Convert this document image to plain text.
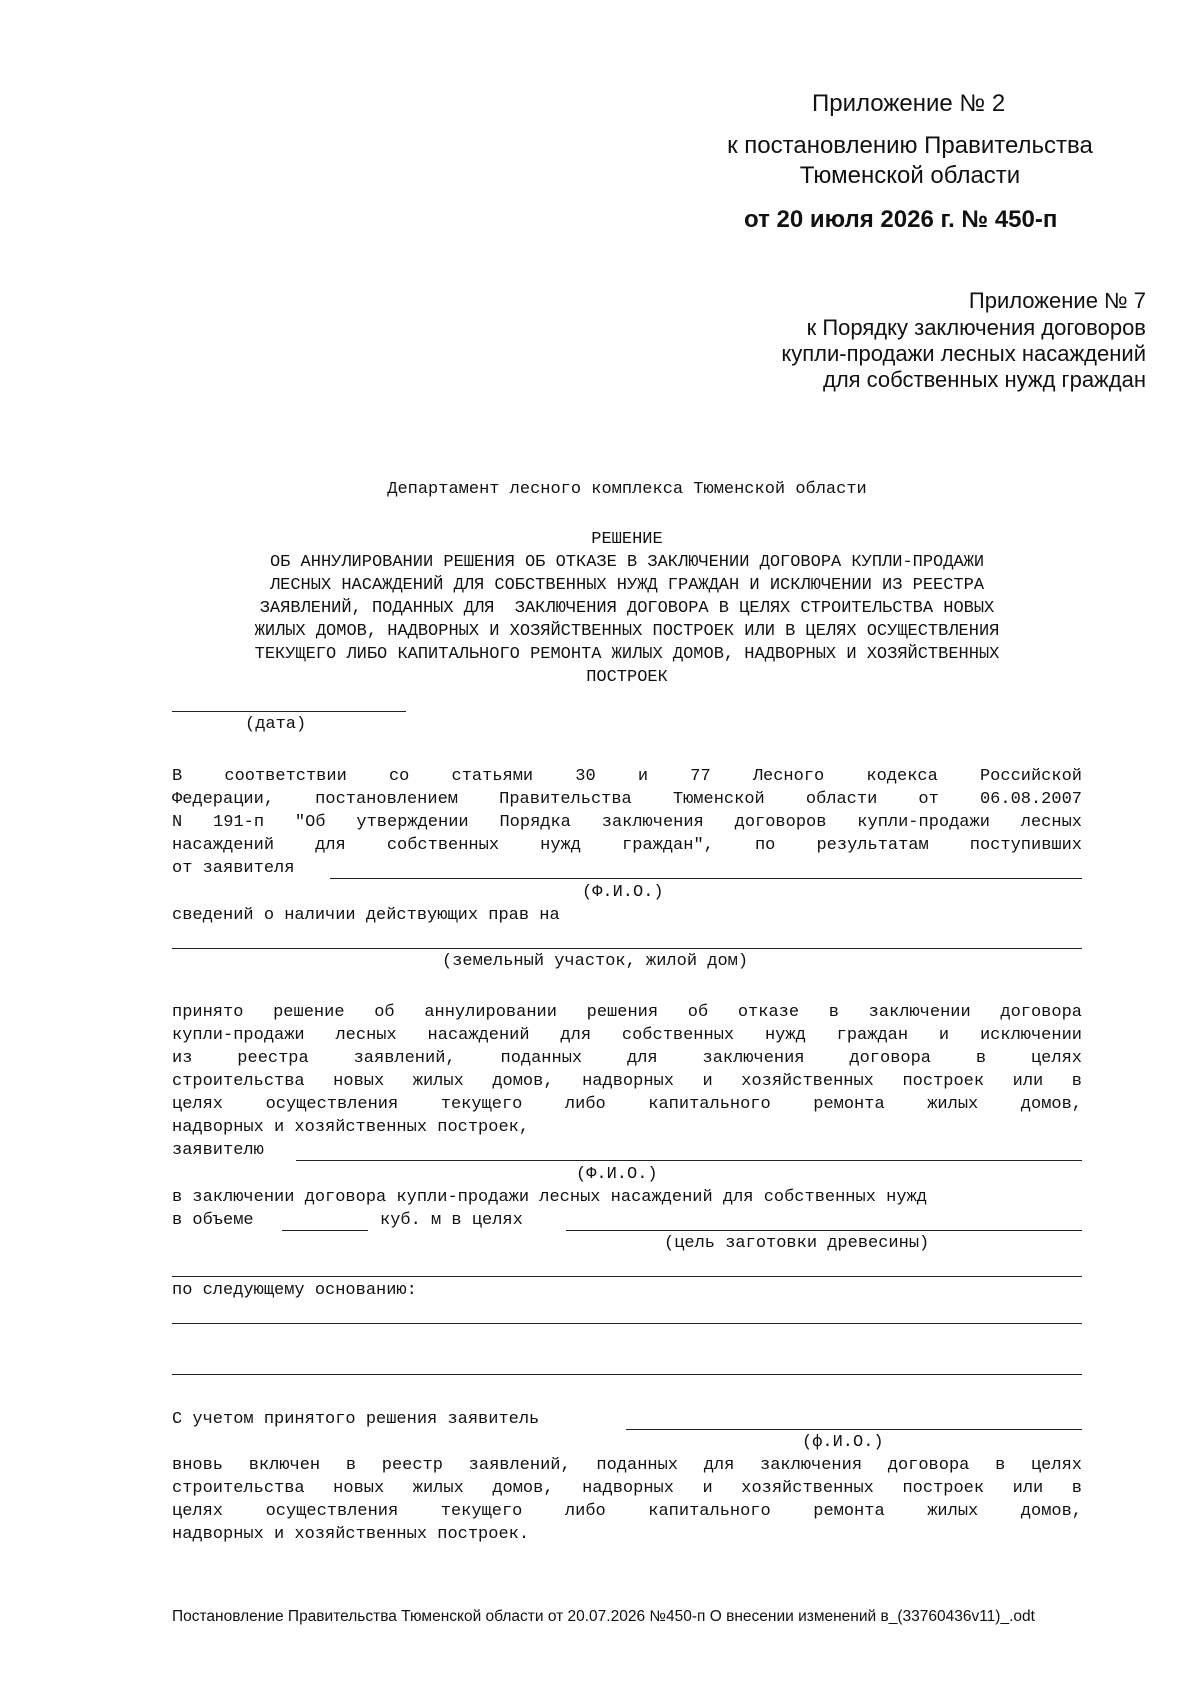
Приложение № 2
к постановлению Правительства
Тюменской области
от 20 июля 2026 г. № 450-п
Приложение № 7
к Порядку заключения договоров
купли-продажи лесных насаждений
для собственных нужд граждан
Департамент лесного комплекса Тюменской области
РЕШЕНИЕ
ОБ АННУЛИРОВАНИИ РЕШЕНИЯ ОБ ОТКАЗЕ В ЗАКЛЮЧЕНИИ ДОГОВОРА КУПЛИ-ПРОДАЖИ
ЛЕСНЫХ НАСАЖДЕНИЙ ДЛЯ СОБСТВЕННЫХ НУЖД ГРАЖДАН И ИСКЛЮЧЕНИИ ИЗ РЕЕСТРА
ЗАЯВЛЕНИЙ, ПОДАННЫХ ДЛЯ  ЗАКЛЮЧЕНИЯ ДОГОВОРА В ЦЕЛЯХ СТРОИТЕЛЬСТВА НОВЫХ
ЖИЛЫХ ДОМОВ, НАДВОРНЫХ И ХОЗЯЙСТВЕННЫХ ПОСТРОЕК ИЛИ В ЦЕЛЯХ ОСУЩЕСТВЛЕНИЯ
ТЕКУЩЕГО ЛИБО КАПИТАЛЬНОГО РЕМОНТА ЖИЛЫХ ДОМОВ, НАДВОРНЫХ И ХОЗЯЙСТВЕННЫХ
ПОСТРОЕК
(дата)
В соответствии со статьями 30 и 77 Лесного кодекса Российской
Федерации, постановлением Правительства Тюменской области от 06.08.2007
N 191-п "Об утверждении Порядка заключения договоров купли-продажи лесных
насаждений для собственных нужд граждан", по результатам поступивших
от заявителя
(Ф.И.О.)
сведений о наличии действующих прав на
(земельный участок, жилой дом)
принято решение об аннулировании решения об отказе в заключении договора
купли-продажи лесных насаждений для собственных нужд граждан и исключении
из реестра заявлений, поданных для заключения договора в целях
строительства новых жилых домов, надворных и хозяйственных построек или в
целях осуществления текущего либо капитального ремонта жилых домов,
надворных и хозяйственных построек,
заявителю
(Ф.И.О.)
в заключении договора купли-продажи лесных насаждений для собственных нужд
в объеме	куб. м в целях
(цель заготовки древесины)
по следующему основанию:
С учетом принятого решения заявитель
(ф.И.О.)
вновь включен в реестр заявлений, поданных для заключения договора в целях
строительства новых жилых домов, надворных и хозяйственных построек или в
целях осуществления текущего либо капитального ремонта жилых домов,
надворных и хозяйственных построек.
Постановление Правительства Тюменской области от 20.07.2026 №450-п О внесении изменений в_(33760436v11)_.odt
